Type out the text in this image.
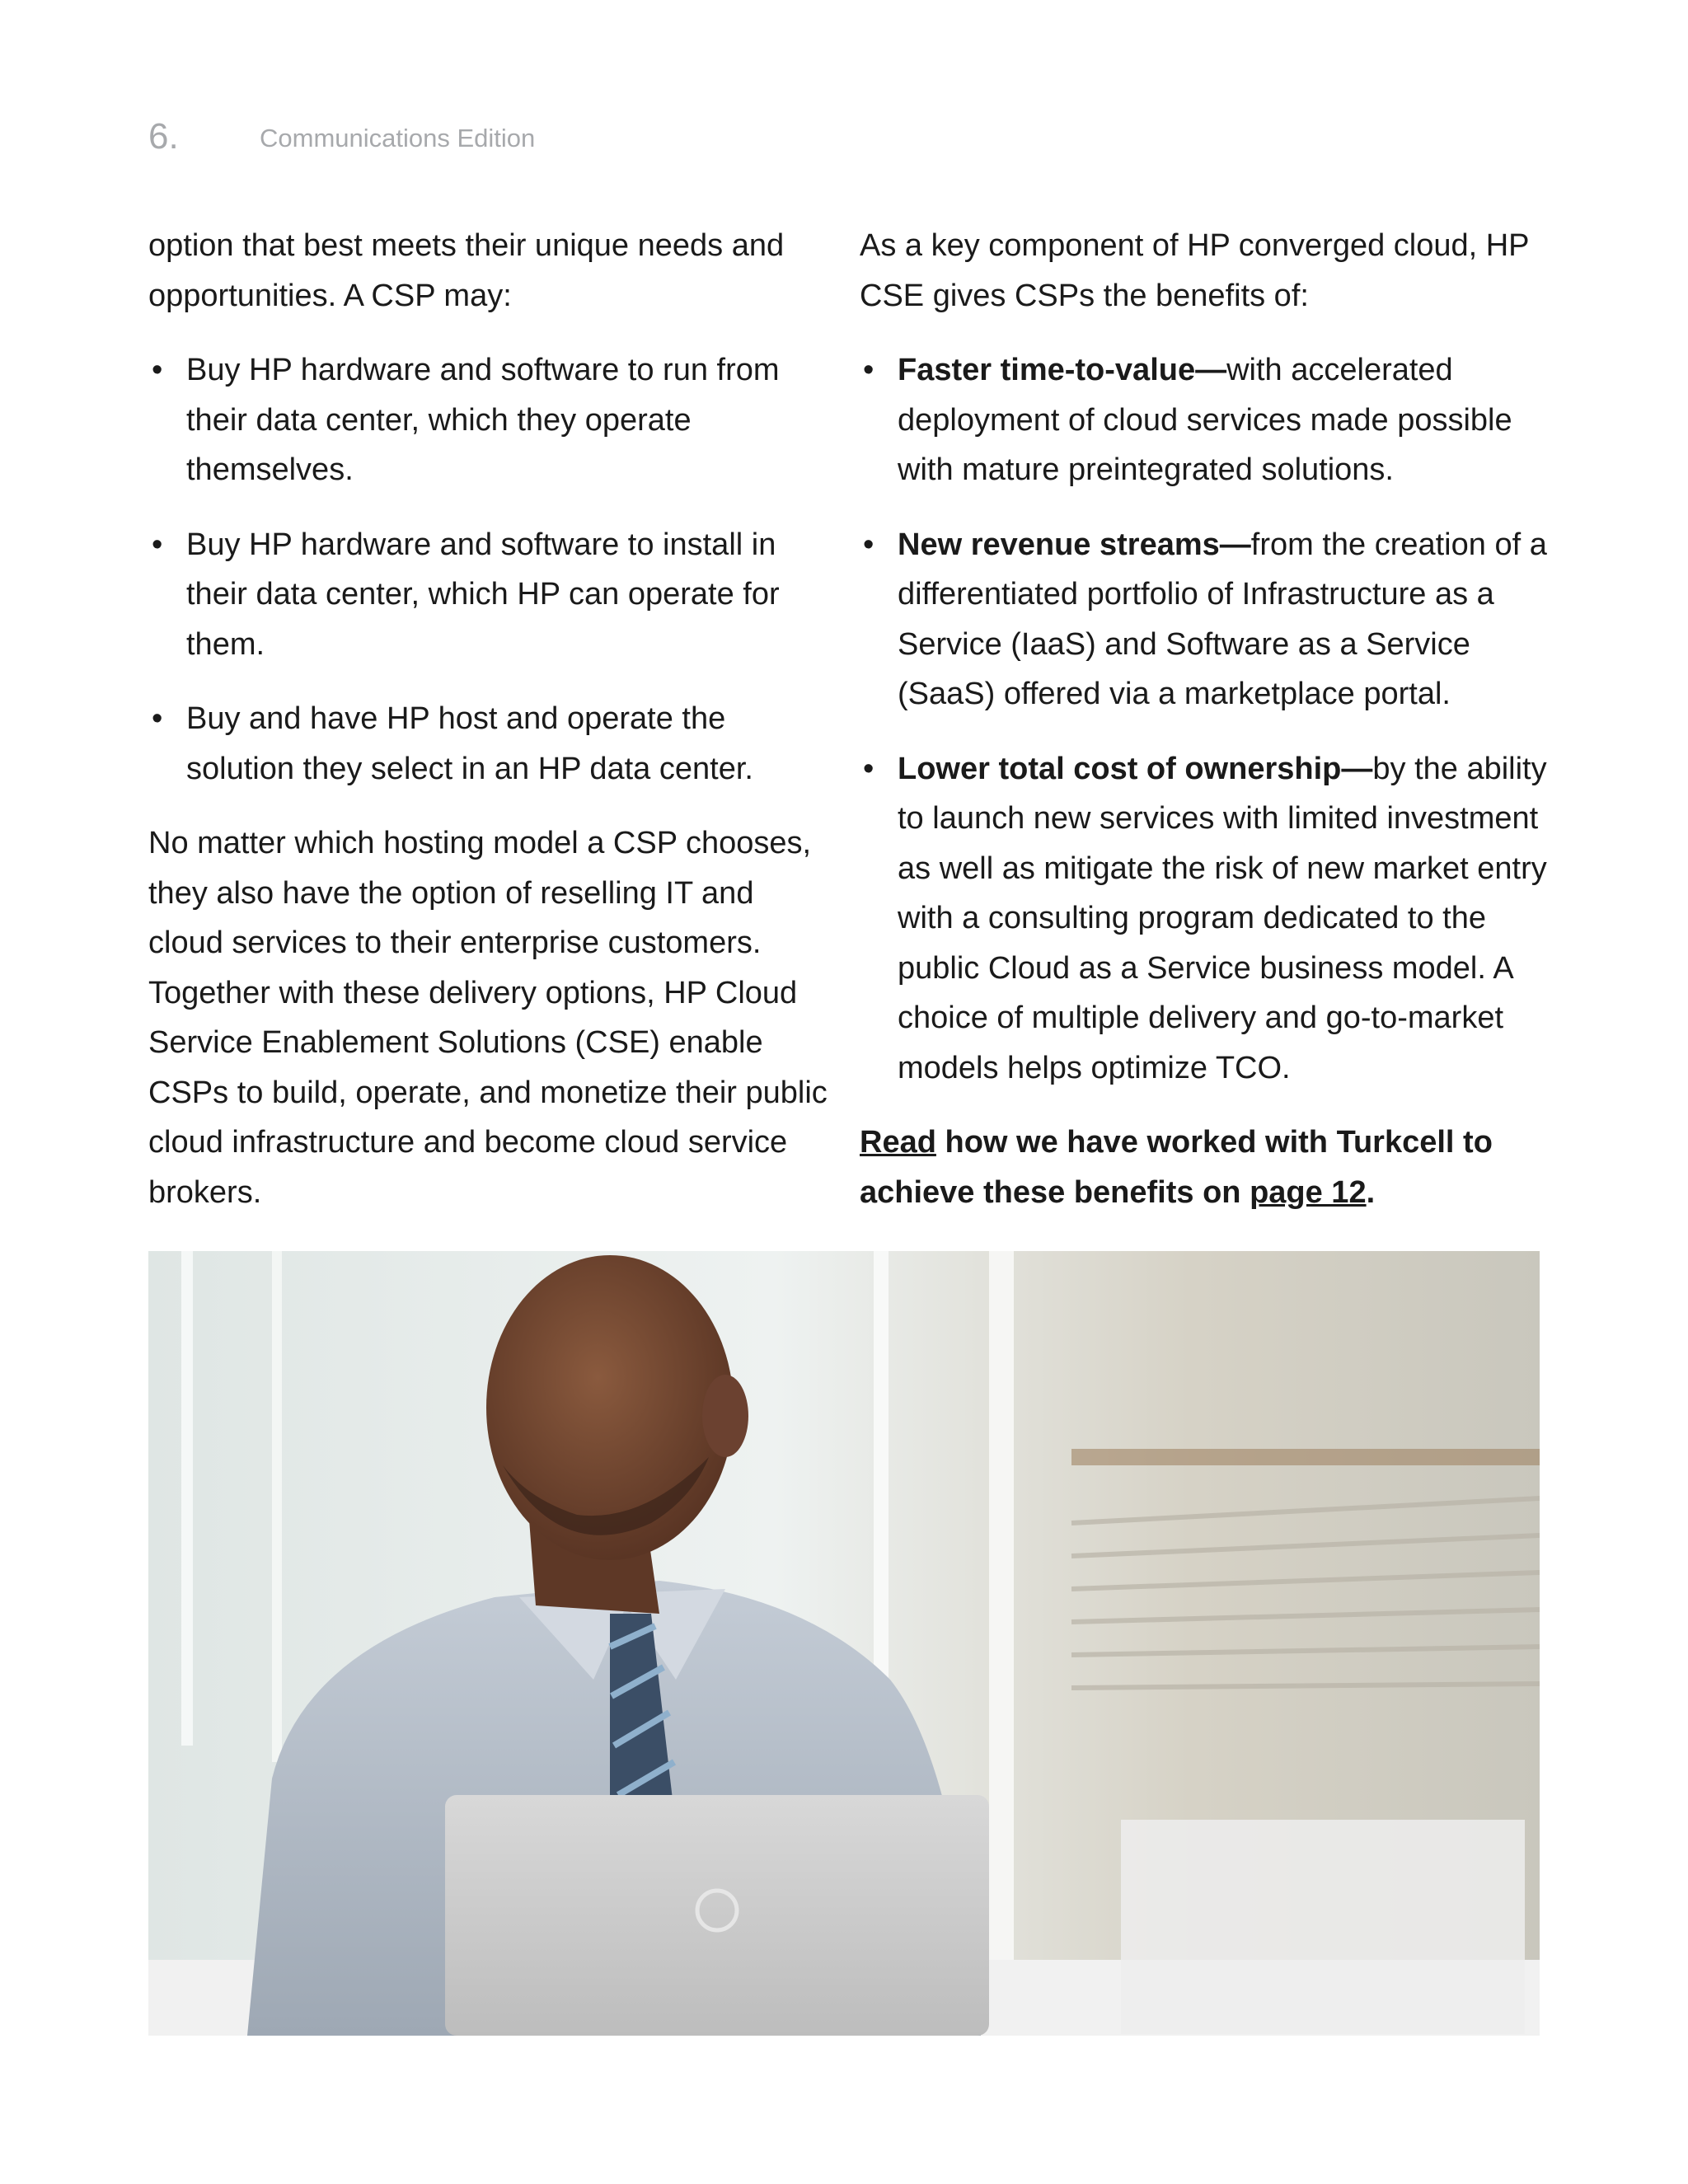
6.	Communications Edition

option that best meets their unique needs and opportunities. A CSP may:

• Buy HP hardware and software to run from their data center, which they operate themselves.
• Buy HP hardware and software to install in their data center, which HP can operate for them.
• Buy and have HP host and operate the solution they select in an HP data center.

No matter which hosting model a CSP chooses, they also have the option of reselling IT and cloud services to their enterprise customers. Together with these delivery options, HP Cloud Service Enablement Solutions (CSE) enable CSPs to build, operate, and monetize their public cloud infrastructure and become cloud service brokers.

As a key component of HP converged cloud, HP CSE gives CSPs the benefits of:

• Faster time-to-value—with accelerated deployment of cloud services made possible with mature preintegrated solutions.
• New revenue streams—from the creation of a differentiated portfolio of Infrastructure as a Service (IaaS) and Software as a Service (SaaS) offered via a marketplace portal.
• Lower total cost of ownership—by the ability to launch new services with limited investment as well as mitigate the risk of new market entry with a consulting program dedicated to the public Cloud as a Service business model. A choice of multiple delivery and go-to-market models helps optimize TCO.

Read how we have worked with Turkcell to achieve these benefits on page 12.
